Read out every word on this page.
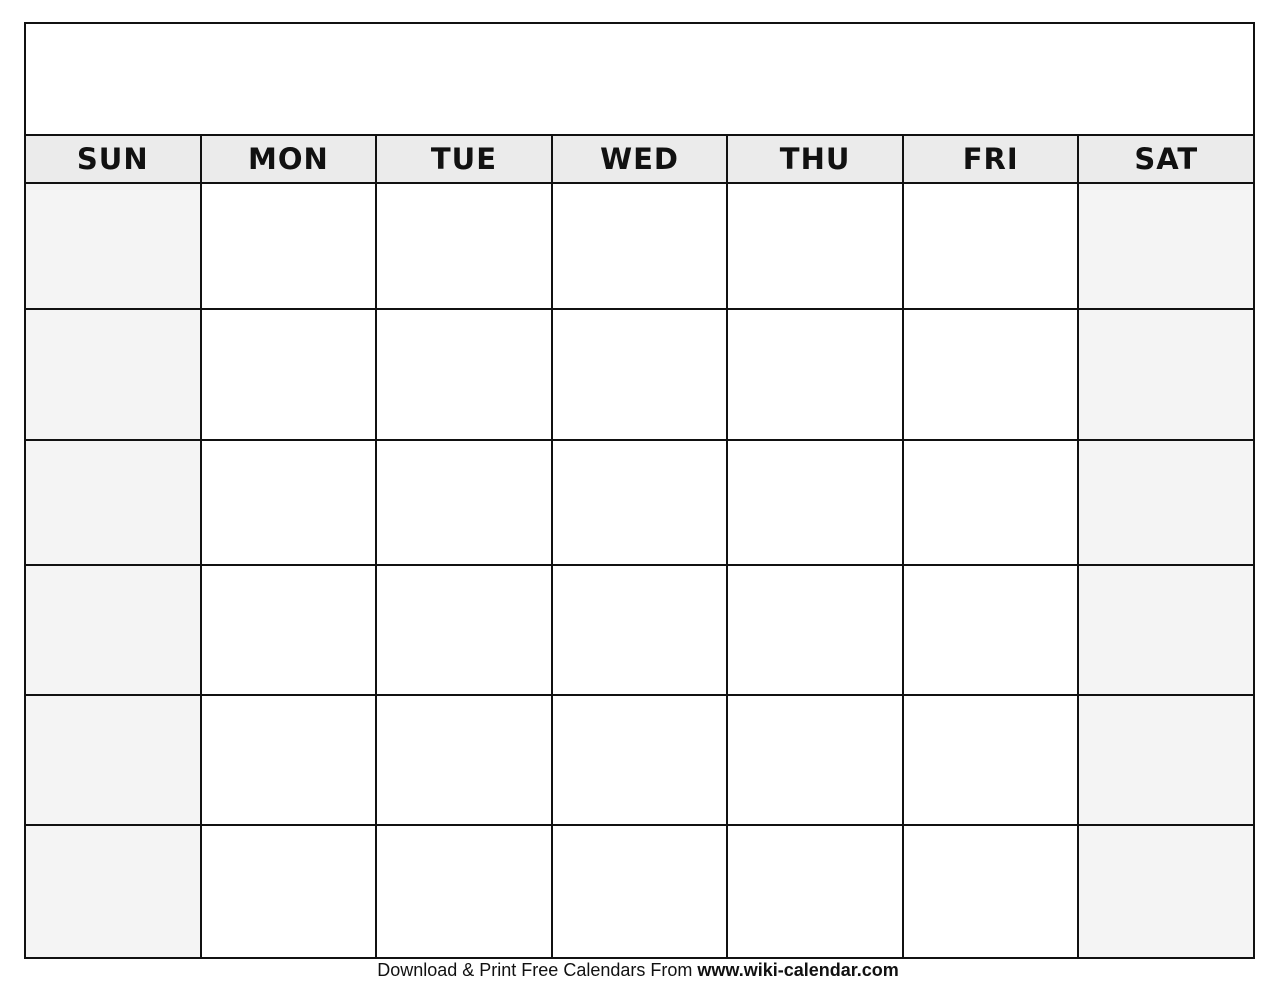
SUN	MON	TUE	WED	THU	FRI	SAT
Download & Print Free Calendars From www.wiki-calendar.com
